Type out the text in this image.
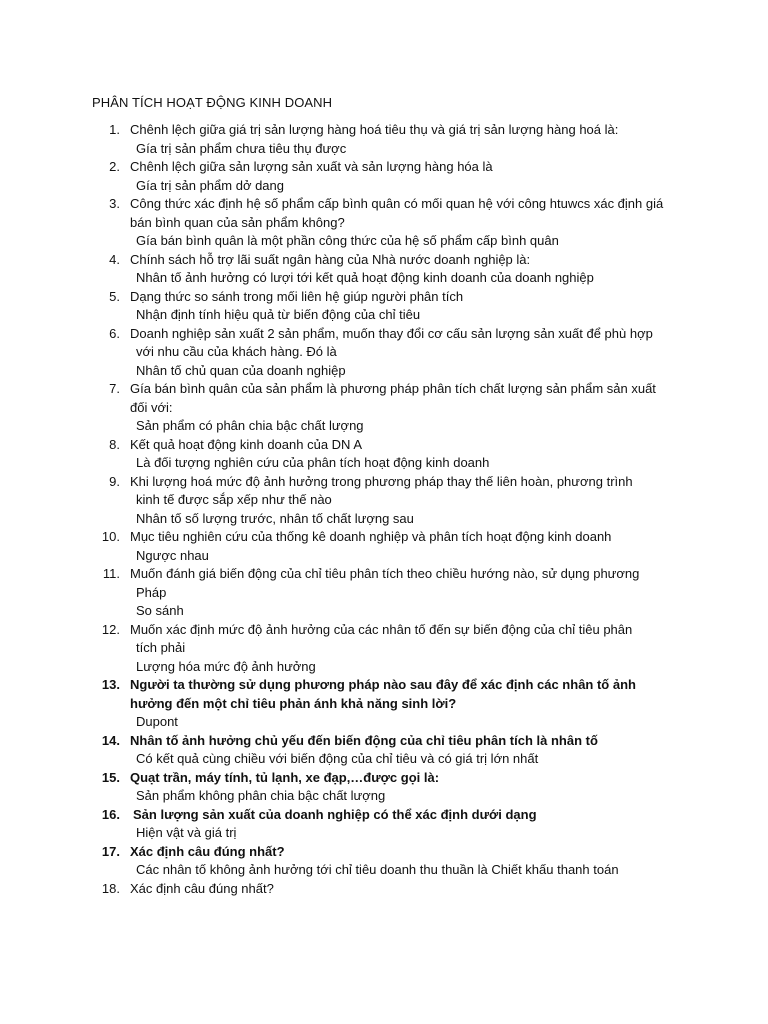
PHÂN TÍCH HOẠT ĐỘNG KINH DOANH
1. Chênh lệch giữa giá trị sản lượng hàng hoá tiêu thụ và giá trị sản lượng hàng hoá là:
Gía trị sản phẩm chưa tiêu thụ được
2. Chênh lệch giữa sản lượng sản xuất và sản lượng hàng hóa là
Gía trị sản phẩm dở dang
3. Công thức xác định hệ số phẩm cấp bình quân có mối quan hệ với công htuwcs xác định giá bán bình quan của sản phẩm không?
Gía bán bình quân là một phần công thức của hệ số phẩm cấp bình quân
4. Chính sách hỗ trợ lãi suất ngân hàng của Nhà nước doanh nghiệp là:
Nhân tố ảnh hưởng có lượi tới kết quả hoạt động kinh doanh của doanh nghiệp
5. Dạng thức so sánh trong mối liên hệ giúp người phân tích
Nhận định tính hiệu quả từ biến động của chỉ tiêu
6. Doanh nghiệp sản xuất 2 sản phẩm, muốn thay đổi cơ cấu sản lượng sản xuất để phù hợp
với nhu cầu của khách hàng. Đó là
Nhân tố chủ quan của doanh nghiệp
7. Gía bán bình quân của sản phẩm là phương pháp phân tích chất lượng sản phẩm sản xuất đối với:
Sản phẩm có phân chia bậc chất lượng
8. Kết quả hoạt động kinh doanh của DN A
Là đối tượng nghiên cứu của phân tích hoạt động kinh doanh
9. Khi lượng hoá mức độ ảnh hưởng trong phương pháp thay thế liên hoàn, phương trình
kinh tế được sắp xếp như thế nào
Nhân tố số lượng trước, nhân tố chất lượng sau
10. Mục tiêu nghiên cứu của thống kê doanh nghiệp và phân tích hoạt động kinh doanh
Ngược nhau
11. Muốn đánh giá biến động của chỉ tiêu phân tích theo chiều hướng nào, sử dụng phương
Pháp
So sánh
12. Muốn xác định mức độ ảnh hưởng của các nhân tố đến sự biến động của chỉ tiêu phân
tích phải
Lượng hóa mức độ ảnh hưởng
13. Người ta thường sử dụng phương pháp nào sau đây để xác định các nhân tố ảnh hưởng đến một chỉ tiêu phản ánh khả năng sinh lời?
Dupont
14. Nhân tố ảnh hưởng chủ yếu đến biến động của chỉ tiêu phân tích là nhân tố
Có kết quả cùng chiều với biến động của chỉ tiêu và có giá trị lớn nhất
15. Quạt trần, máy tính, tủ lạnh, xe đạp,…được gọi là:
Sản phẩm không phân chia bậc chất lượng
16. Sản lượng sản xuất của doanh nghiệp có thể xác định dưới dạng
Hiện vật và giá trị
17. Xác định câu đúng nhất?
Các nhân tố không ảnh hưởng tới chỉ tiêu doanh thu thuần là Chiết khấu thanh toán
18. Xác định câu đúng nhất?
